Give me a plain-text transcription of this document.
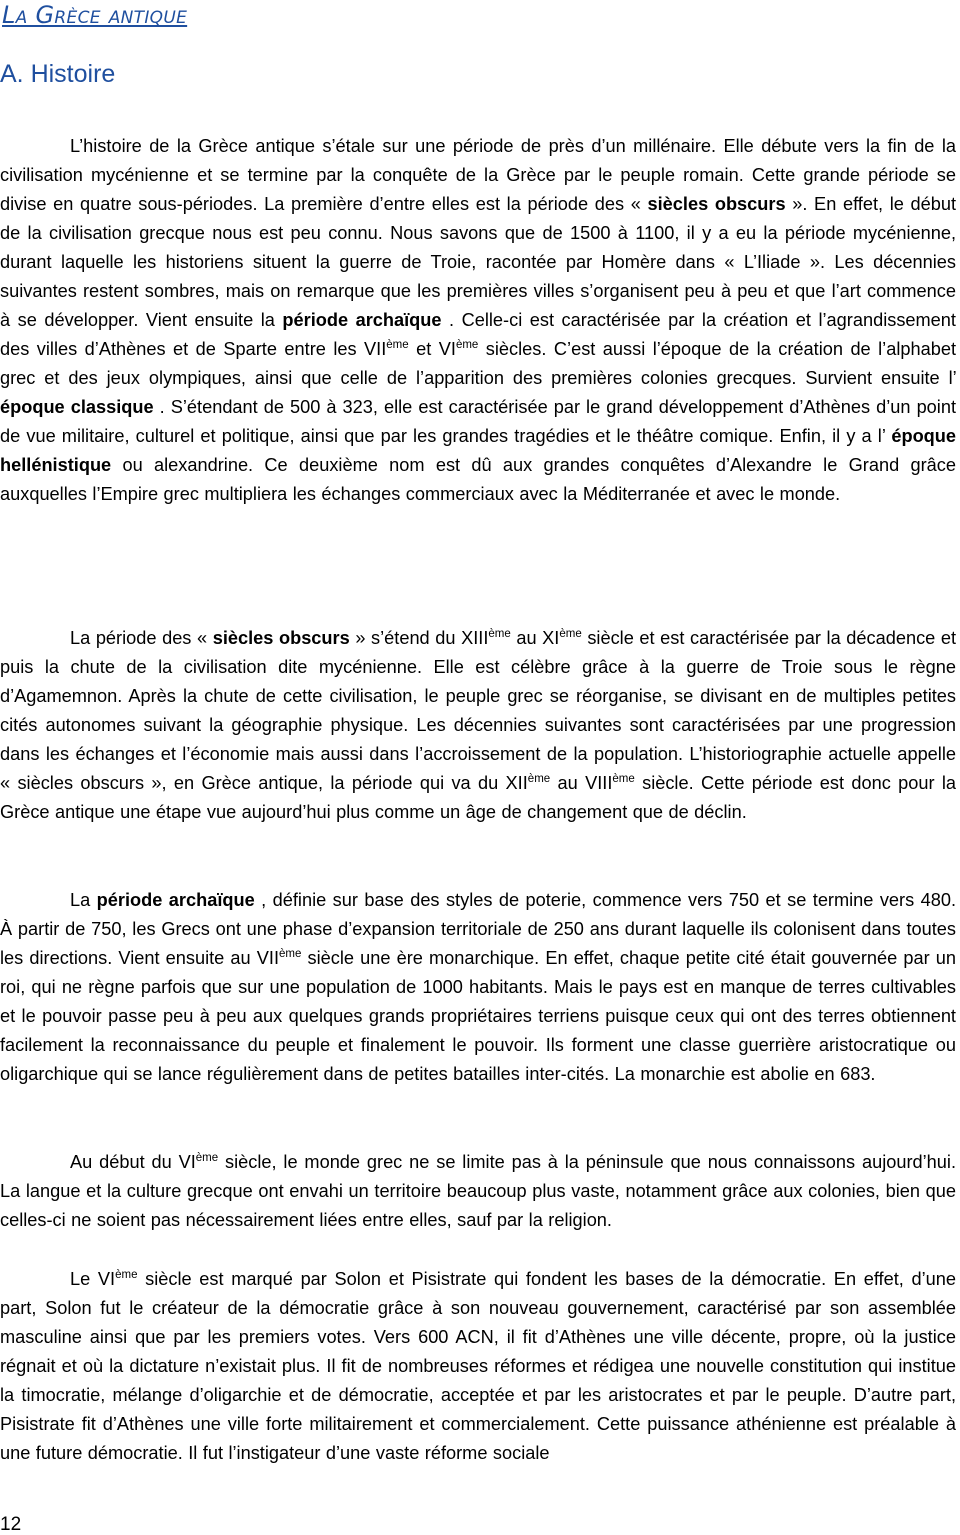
La Grèce antique
A. Histoire

L’histoire de la Grèce antique s’étale sur une période de près d’un millénaire. Elle débute vers la fin de la civilisation mycénienne et se termine par la conquête de la Grèce par le peuple romain. Cette grande période se divise en quatre sous-périodes. La première d’entre elles est la période des « siècles obscurs ». En effet, le début de la civilisation grecque nous est peu connu. Nous savons que de 1500 à 1100, il y a eu la période mycénienne, durant laquelle les historiens situent la guerre de Troie, racontée par Homère dans « L’Iliade ». Les décennies suivantes restent sombres, mais on remarque que les premières villes s’organisent peu à peu et que l’art commence à se développer. Vient ensuite la période archaïque . Celle-ci est caractérisée par la création et l’agrandissement des villes d’Athènes et de Sparte entre les VIIème et VIème siècles. C’est aussi l’époque de la création de l’alphabet grec et des jeux olympiques, ainsi que celle de l’apparition des premières colonies grecques. Survient ensuite l’ époque classique . S’étendant de 500 à 323, elle est caractérisée par le grand développement d’Athènes d’un point de vue militaire, culturel et politique, ainsi que par les grandes tragédies et le théâtre comique. Enfin, il y a l’ époque hellénistique ou alexandrine. Ce deuxième nom est dû aux grandes conquêtes d’Alexandre le Grand grâce auxquelles l’Empire grec multipliera les échanges commerciaux avec la Méditerranée et avec le monde.

La période des « siècles obscurs » s’étend du XIIIème au XIème siècle et est caractérisée par la décadence et puis la chute de la civilisation dite mycénienne. Elle est célèbre grâce à la guerre de Troie sous le règne d’Agamemnon. Après la chute de cette civilisation, le peuple grec se réorganise, se divisant en de multiples petites cités autonomes suivant la géographie physique. Les décennies suivantes sont caractérisées par une progression dans les échanges et l’économie mais aussi dans l’accroissement de la population. L’historiographie actuelle appelle « siècles obscurs », en Grèce antique, la période qui va du XIIème au VIIIème siècle. Cette période est donc pour la Grèce antique une étape vue aujourd’hui plus comme un âge de changement que de déclin.

La période archaïque , définie sur base des styles de poterie, commence vers 750 et se termine vers 480. À partir de 750, les Grecs ont une phase d’expansion territoriale de 250 ans durant laquelle ils colonisent dans toutes les directions. Vient ensuite au VIIème siècle une ère monarchique. En effet, chaque petite cité était gouvernée par un roi, qui ne règne parfois que sur une population de 1000 habitants. Mais le pays est en manque de terres cultivables et le pouvoir passe peu à peu aux quelques grands propriétaires terriens puisque ceux qui ont des terres obtiennent facilement la reconnaissance du peuple et finalement le pouvoir. Ils forment une classe guerrière aristocratique ou oligarchique qui se lance régulièrement dans de petites batailles inter-cités. La monarchie est abolie en 683.

Au début du VIème siècle, le monde grec ne se limite pas à la péninsule que nous connaissons aujourd’hui. La langue et la culture grecque ont envahi un territoire beaucoup plus vaste, notamment grâce aux colonies, bien que celles-ci ne soient pas nécessairement liées entre elles, sauf par la religion.

Le VIème siècle est marqué par Solon et Pisistrate qui fondent les bases de la démocratie. En effet, d’une part, Solon fut le créateur de la démocratie grâce à son nouveau gouvernement, caractérisé par son assemblée masculine ainsi que par les premiers votes. Vers 600 ACN, il fit d’Athènes une ville décente, propre, où la justice régnait et où la dictature n’existait plus. Il fit de nombreuses réformes et rédigea une nouvelle constitution qui institue la timocratie, mélange d’oligarchie et de démocratie, acceptée et par les aristocrates et par le peuple. D’autre part, Pisistrate fit d’Athènes une ville forte militairement et commercialement. Cette puissance athénienne est préalable à une future démocratie. Il fut l’instigateur d’une vaste réforme sociale

12
